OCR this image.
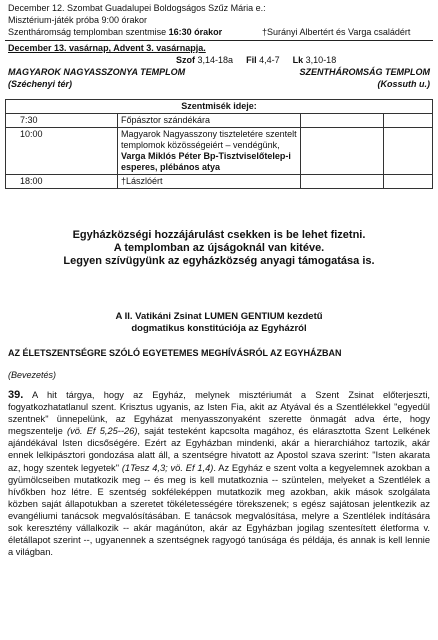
December 12. Szombat Guadalupei Boldogságos Szűz Mária e.:
Misztérium-játék próba 9:00 órakor
Szentháromság templomban szentmise 16:30 órakor	†Surányi Albertért és Varga családért
December 13. vasárnap, Advent 3. vasárnapja.
Szof 3,14-18a Fil 4,4-7 Lk 3,10-18
MAGYAROK NAGYASSZONYA TEMPLOM	SZENTHÁROMSÁG TEMPLOM
(Széchenyi tér)	(Kossuth u.)
Szentmisék ideje:			
7:30	Főpásztor szándékára		
10:00	Magyarok Nagyasszony tiszteletére szentelt templomok közösségeiért – vendégünk, Varga Miklós Péter Bp-Tisztviselőtelep-i esperes, plébános atya		
18:00	†Lászlóért		
Egyházközségi hozzájárulást csekken is be lehet fizetni.
A templomban az újságoknál van kitéve.
Legyen szívügyünk az egyházközség anyagi támogatása is.
A II. Vatikáni Zsinat LUMEN GENTIUM kezdetű
dogmatikus konstitúciója az Egyházról
AZ ÉLETSZENTSÉGRE SZÓLÓ EGYETEMES MEGHÍVÁSRÓL AZ EGYHÁZBAN
(Bevezetés)
39. A hit tárgya, hogy az Egyház, melynek misztériumát a Szent Zsinat előterjeszti, fogyatkozhatatlanul szent. Krisztus ugyanis, az Isten Fia, akit az Atyával és a Szentlélekkel "egyedül szentnek" ünnepelünk, az Egyházat menyasszonyaként szerette önmagát adva érte, hogy megszentelje (vö. Ef 5,25--26), saját testeként kapcsolta magához, és elárasztotta Szent Lelkének ajándékával Isten dicsőségére. Ezért az Egyházban mindenki, akár a hierarchiához tartozik, akár ennek lelkipásztori gondozása alatt áll, a szentségre hivatott az Apostol szava szerint: "Isten akarata az, hogy szentek legyetek" (1Tesz 4,3; vö. Ef 1,4). Az Egyház e szent volta a kegyelemnek azokban a gyümölcseiben mutatkozik meg -- és meg is kell mutatkoznia -- szüntelen, melyeket a Szentlélek a hívőkben hoz létre. E szentség sokféleképpen mutatkozik meg azokban, akik mások szolgálata közben saját állapotukban a szeretet tökéletességére törekszenek; s egész sajátosan jelentkezik az evangéliumi tanácsok megvalósításában. E tanácsok megvalósítása, melyre a Szentlélek indítására sok keresztény vállalkozik -- akár magánúton, akár az Egyházban jogilag szentesített életforma v. életállapot szerint --, ugyanennek a szentségnek ragyogó tanúsága és példája, és annak is kell lennie a világban.
